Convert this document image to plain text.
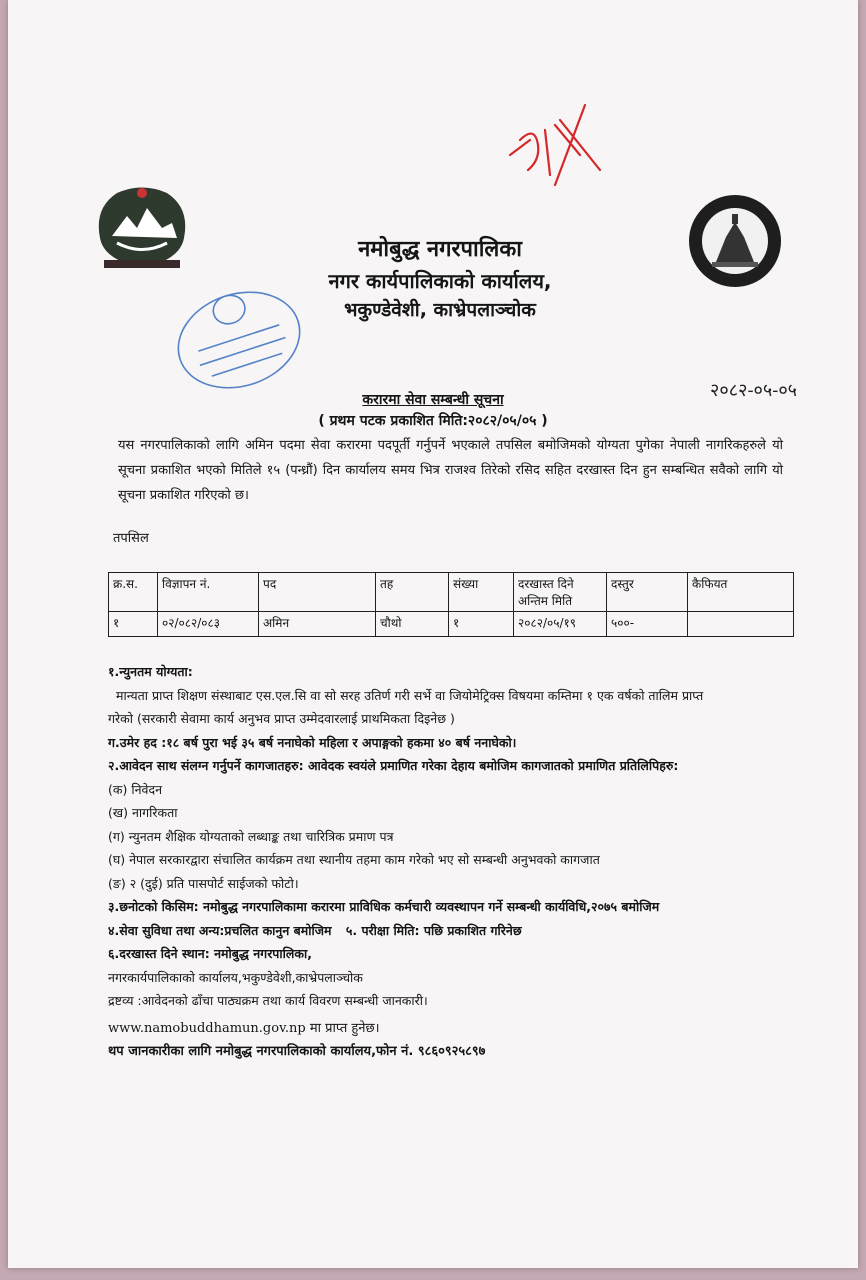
नमोबुद्ध नगरपालिका
नगर कार्यपालिकाको कार्यालय,
भकुण्डेवेशी, काभ्रेपलाञ्चोक
२०८२-०५-०५
करारमा सेवा सम्बन्धी सूचना
( प्रथम पटक प्रकाशित मिति:२०८२/०५/०५ )
यस नगरपालिकाको लागि अमिन पदमा सेवा करारमा पदपूर्ती गर्नुपर्ने भएकाले तपसिल बमोजिमको योग्यता पुगेका नेपाली नागरिकहरुले यो सूचना प्रकाशित भएको मितिले १५ (पन्ध्रौं) दिन कार्यालय समय भित्र राजश्व तिरेको रसिद सहित दरखास्त दिन हुन सम्बन्धित सवैको लागि यो सूचना प्रकाशित गरिएको छ।
तपसिल
क्र.स.	विज्ञापन नं.	पद	तह	संख्या	दरखास्त दिने अन्तिम मिति	दस्तुर	कैफियत
१	०२/०८२/०८३	अमिन	चौथो	१	२०८२/०५/१९	५००-	
१.न्युनतम योग्यता:
मान्यता प्राप्त शिक्षण संस्थाबाट एस.एल.सि वा सो सरह उतिर्ण गरी सर्भे वा जियोमेट्रिक्स विषयमा कम्तिमा १ एक वर्षको तालिम प्राप्त
गरेको (सरकारी सेवामा कार्य अनुभव प्राप्त उम्मेदवारलाई प्राथमिकता दिइनेछ )
ग.उमेर हद :१८ बर्ष पुरा भई ३५ बर्ष ननाघेको महिला र अपाङ्गको हकमा ४० बर्ष ननाघेको।
२.आवेदन साथ संलग्न गर्नुपर्ने कागजातहरु: आवेदक स्वयंले प्रमाणित गरेका देहाय बमोजिम कागजातको प्रमाणित प्रतिलिपिहरु:
(क) निवेदन
(ख) नागरिकता
(ग) न्युनतम शैक्षिक योग्यताको लब्धाङ्क तथा चारित्रिक प्रमाण पत्र
(घ) नेपाल सरकारद्वारा संचालित कार्यक्रम तथा स्थानीय तहमा काम गरेको भए सो सम्बन्धी अनुभवको कागजात
(ङ) २ (दुई) प्रति पासपोर्ट साईजको फोटो।
३.छनोटको किसिम: नमोबुद्ध नगरपालिकामा करारमा प्राविधिक कर्मचारी व्यवस्थापन गर्ने सम्बन्धी कार्यविधि,२०७५ बमोजिम
४.सेवा सुविधा तथा अन्य:प्रचलित कानुन बमोजिम ५. परीक्षा मिति: पछि प्रकाशित गरिनेछ
६.दरखास्त दिने स्थान: नमोबुद्ध नगरपालिका,
नगरकार्यपालिकाको कार्यालय,भकुण्डेवेशी,काभ्रेपलाञ्चोक
द्रष्टव्य :आवेदनको ढाँचा पाठ्यक्रम तथा कार्य विवरण सम्बन्धी जानकारी।
www.namobuddhamun.gov.np मा प्राप्त हुनेछ।
थप जानकारीका लागि नमोबुद्ध नगरपालिकाको कार्यालय,फोन नं. ९८६०९२५८९७
